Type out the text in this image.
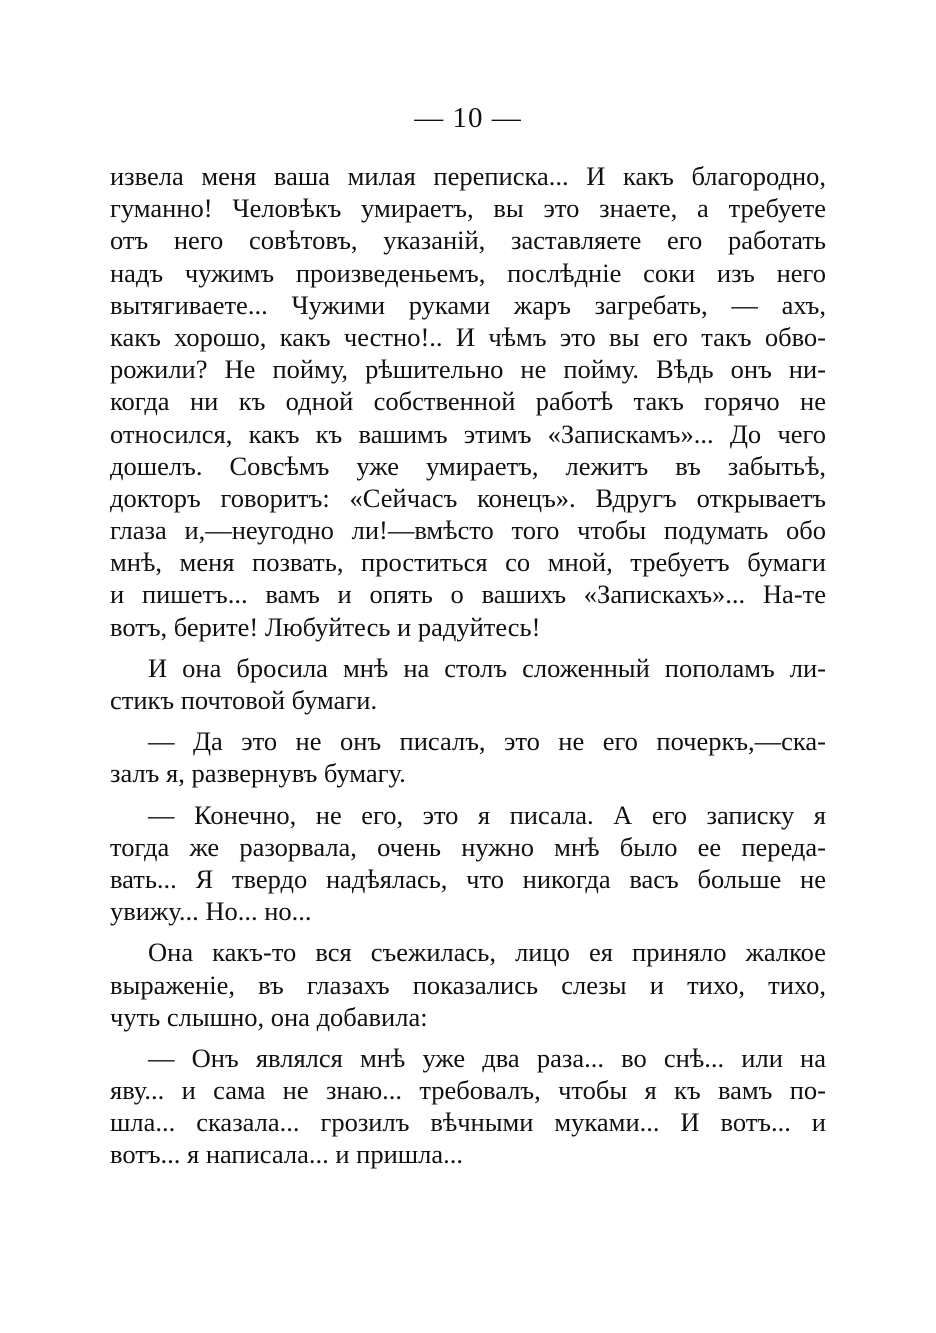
— 10 —
извела меня ваша милая переписка... И какъ благородно,
гуманно! Человѣкъ умираетъ, вы это знаете, а требуете
отъ него совѣтовъ, указаній, заставляете его работать
надъ чужимъ произведеньемъ, послѣдніе соки изъ него
вытягиваете... Чужими руками жаръ загребать, — ахъ,
какъ хорошо, какъ честно!.. И чѣмъ это вы его такъ обво-
рожили? Не пойму, рѣшительно не пойму. Вѣдь онъ ни-
когда ни къ одной собственной работѣ такъ горячо не
относился, какъ къ вашимъ этимъ «Запискамъ»... До чего
дошелъ. Совсѣмъ уже умираетъ, лежитъ въ забытьѣ,
докторъ говоритъ: «Сейчасъ конецъ». Вдругъ открываетъ
глаза и,—неугодно ли!—вмѣсто того чтобы подумать обо
мнѣ, меня позвать, проститься со мной, требуетъ бумаги
и пишетъ... вамъ и опять о вашихъ «Запискахъ»... На-те
вотъ, берите! Любуйтесь и радуйтесь!
И она бросила мнѣ на столъ сложенный пополамъ ли-
стикъ почтовой бумаги.
— Да это не онъ писалъ, это не его почеркъ,—ска-
залъ я, развернувъ бумагу.
— Конечно, не его, это я писала. А его записку я
тогда же разорвала, очень нужно мнѣ было ее переда-
вать... Я твердо надѣялась, что никогда васъ больше не
увижу... Но... но...
Она какъ-то вся съежилась, лицо ея приняло жалкое
выраженіе, въ глазахъ показались слезы и тихо, тихо,
чуть слышно, она добавила:
— Онъ являлся мнѣ уже два раза... во снѣ... или на
яву... и сама не знаю... требовалъ, чтобы я къ вамъ по-
шла... сказала... грозилъ вѣчными муками... И вотъ... и
вотъ... я написала... и пришла...
